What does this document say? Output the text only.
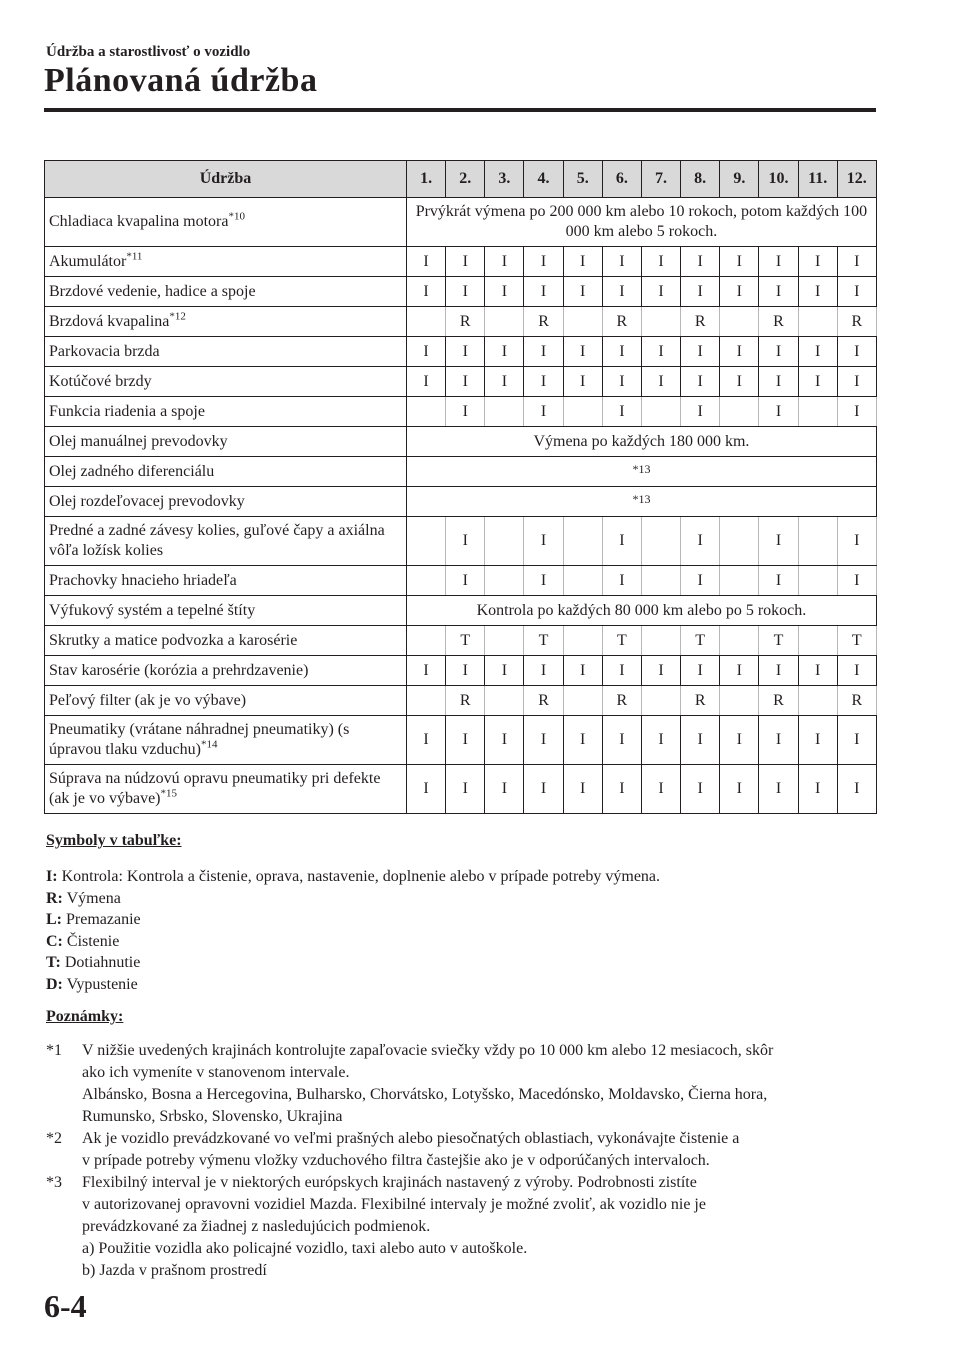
Údržba a starostlivosť o vozidlo
Plánovaná údržba
Údržba	1.	2.	3.	4.	5.	6.	7.	8.	9.	10.	11.	12.
Chladiaca kvapalina motora$^{*10}$	Prvýkrát výmena po 200 000 km alebo 10 rokoch, potom každých 100 000 km alebo 5 rokoch.											
Akumulátor$^{*11}$	I	I	I	I	I	I	I	I	I	I	I	I
Brzdové vedenie, hadice a spoje	I	I	I	I	I	I	I	I	I	I	I	I
Brzdová kvapalina$^{*12}$		R		R		R		R		R		R
Parkovacia brzda	I	I	I	I	I	I	I	I	I	I	I	I
Kotúčové brzdy	I	I	I	I	I	I	I	I	I	I	I	I
Funkcia riadenia a spoje		I		I		I		I		I		I
Olej manuálnej prevodovky	Výmena po každých 180 000 km.											
Olej zadného diferenciálu	*13											
Olej rozdeľovacej prevodovky	*13											
Predné a zadné závesy kolies, guľové čapy a axiálna vôľa ložísk kolies		I		I		I		I		I		I
Prachovky hnacieho hriadeľa		I		I		I		I		I		I
Výfukový systém a tepelné štíty	Kontrola po každých 80 000 km alebo po 5 rokoch.											
Skrutky a matice podvozka a karosérie		T		T		T		T		T		T
Stav karosérie (korózia a prehrdzavenie)	I	I	I	I	I	I	I	I	I	I	I	I
Peľový filter (ak je vo výbave)		R		R		R		R		R		R
Pneumatiky (vrátane náhradnej pneumatiky) (s úpravou tlaku vzduchu)$^{*14}$	I	I	I	I	I	I	I	I	I	I	I	I
Súprava na núdzovú opravu pneumatiky pri defekte (ak je vo výbave)$^{*15}$	I	I	I	I	I	I	I	I	I	I	I	I
Symboly v tabuľke:
I: Kontrola: Kontrola a čistenie, oprava, nastavenie, doplnenie alebo v prípade potreby výmena.
R: Výmena
L: Premazanie
C: Čistenie
T: Dotiahnutie
D: Vypustenie
Poznámky:
*1 V nižšie uvedených krajinách kontrolujte zapaľovacie sviečky vždy po 10 000 km alebo 12 mesiacoch, skôr
ako ich vymeníte v stanovenom intervale.
Albánsko, Bosna a Hercegovina, Bulharsko, Chorvátsko, Lotyšsko, Macedónsko, Moldavsko, Čierna hora,
Rumunsko, Srbsko, Slovensko, Ukrajina
*2 Ak je vozidlo prevádzkované vo veľmi prašných alebo piesočnatých oblastiach, vykonávajte čistenie a
v prípade potreby výmenu vložky vzduchového filtra častejšie ako je v odporúčaných intervaloch.
*3 Flexibilný interval je v niektorých európskych krajinách nastavený z výroby. Podrobnosti zistíte
v autorizovanej opravovni vozidiel Mazda. Flexibilné intervaly je možné zvoliť, ak vozidlo nie je
prevádzkované za žiadnej z nasledujúcich podmienok.
a) Použitie vozidla ako policajné vozidlo, taxi alebo auto v autoškole.
b) Jazda v prašnom prostredí
6-4
